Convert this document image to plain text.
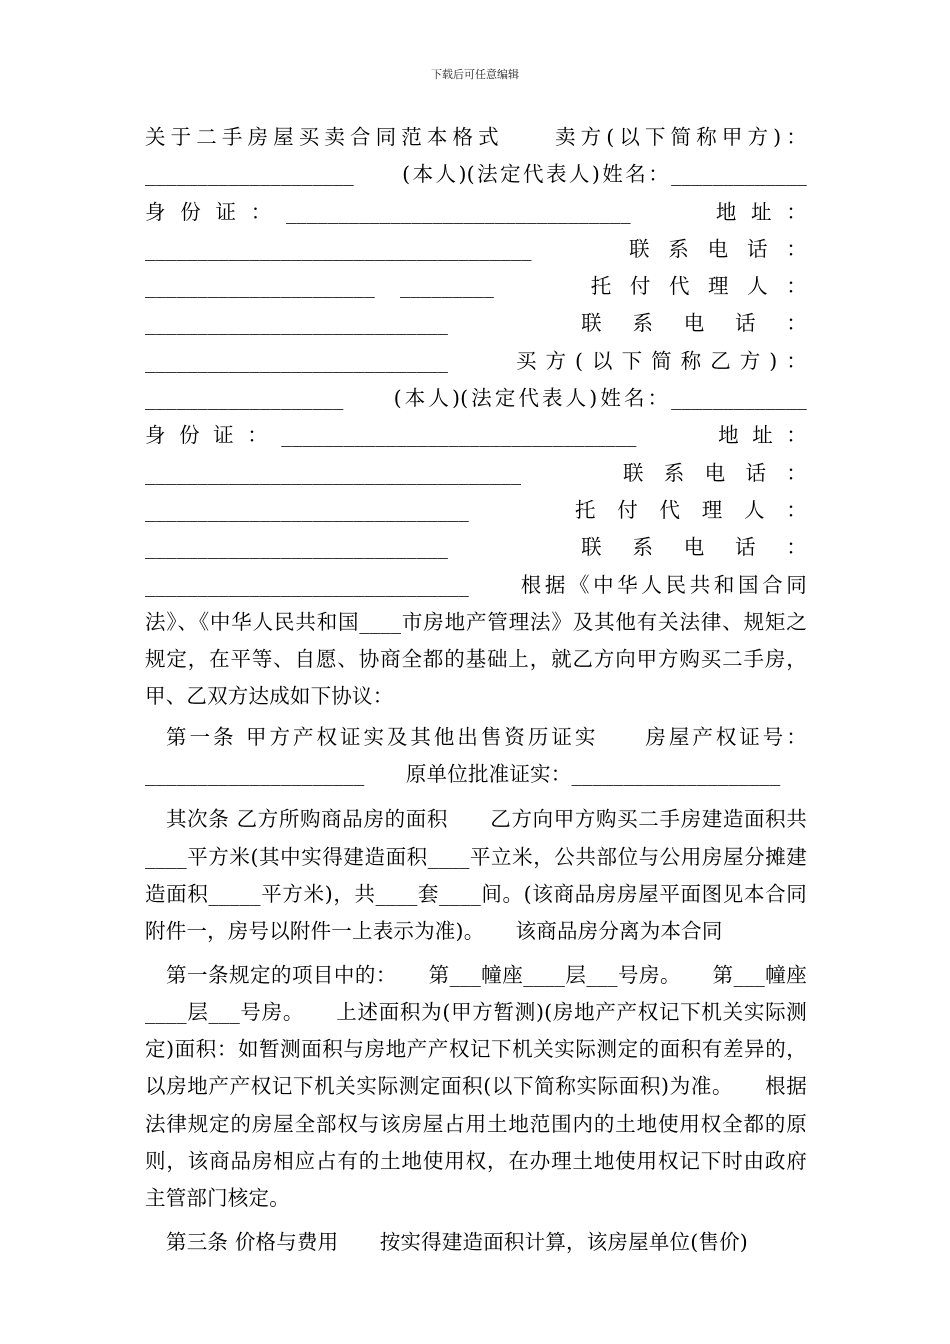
下载后可任意编辑

关于二手房屋买卖合同范本格式　　卖方(以下简称甲方)：____________________　　(本人)(法定代表人)姓名：_____________　　身份证：_________________________________　　地址：_____________________________________　　联系电话：______________________ _________　　托付代理人：_____________________________　　联系电话：_____________________________　　买方(以下简称乙方)：___________________　　(本人)(法定代表人)姓名：_____________　　身份证：__________________________________　　地址：____________________________________　　联系电话：_______________________________　　托付代理人：_____________________________　　联系电话：_______________________________　　根据《中华人民共和国合同法》、《中华人民共和国____市房地产管理法》及其他有关法律、规矩之规定，在平等、自愿、协商全都的基础上，就乙方向甲方购买二手房，甲、乙双方达成如下协议：

第一条 甲方产权证实及其他出售资历证实　　房屋产权证号：_____________________　　原单位批准证实：____________________

其次条 乙方所购商品房的面积　　乙方向甲方购买二手房建造面积共____平方米(其中实得建造面积____平立米，公共部位与公用房屋分摊建造面积_____平方米)，共____套____间。(该商品房房屋平面图见本合同附件一，房号以附件一上表示为准)。　　该商品房分离为本合同

第一条规定的项目中的：　　第___幢座____层___号房。　　第___幢座____层___号房。　　上述面积为(甲方暂测)(房地产产权记下机关实际测定)面积：如暂测面积与房地产产权记下机关实际测定的面积有差异的，以房地产产权记下机关实际测定面积(以下简称实际面积)为准。　　根据法律规定的房屋全部权与该房屋占用土地范围内的土地使用权全都的原则，该商品房相应占有的土地使用权，在办理土地使用权记下时由政府主管部门核定。

第三条 价格与费用　　按实得建造面积计算，该房屋单位(售价)
